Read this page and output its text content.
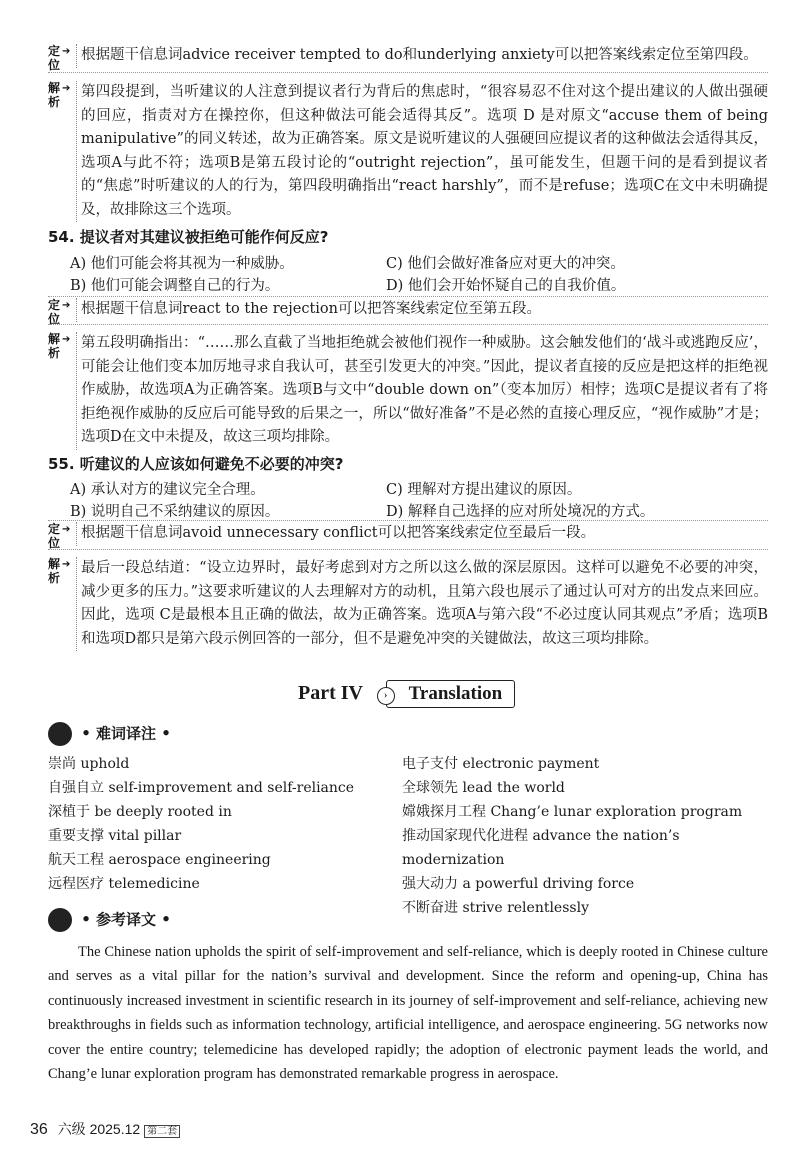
定位
➔ 根据题干信息词advice receiver tempted to do和underlying anxiety可以把答案线索定位至第四段。
解析
➔ 第四段提到，当听建议的人注意到提议者行为背后的焦虑时，“很容易忍不住对这个提出建议的人做出强硬的回应，指责对方在操控你，但这种做法可能会适得其反”。选项 D 是对原文“accuse them of being manipulative”的同义转述，故为正确答案。原文是说听建议的人强硬回应提议者的这种做法会适得其反，选项A与此不符；选项B是第五段讨论的“outright rejection”，虽可能发生，但题干问的是看到提议者的“焦虑”时听建议的人的行为，第四段明确指出“react harshly”，而不是refuse；选项C在文中未明确提及，故排除这三个选项。
54. 提议者对其建议被拒绝可能作何反应?
A) 他们可能会将其视为一种威胁。
B) 他们可能会调整自己的行为。
C) 他们会做好准备应对更大的冲突。
D) 他们会开始怀疑自己的自我价值。
定位
➔ 根据题干信息词react to the rejection可以把答案线索定位至第五段。
解析
➔ 第五段明确指出：“……那么直截了当地拒绝就会被他们视作一种威胁。这会触发他们的‘战斗或逃跑反应’，可能会让他们变本加厉地寻求自我认可，甚至引发更大的冲突。”因此，提议者直接的反应是把这样的拒绝视作威胁，故选项A为正确答案。选项B与文中“double down on”（变本加厉）相悖；选项C是提议者有了将拒绝视作威胁的反应后可能导致的后果之一，所以“做好准备”不是必然的直接心理反应，“视作威胁”才是；选项D在文中未提及，故这三项均排除。
55. 听建议的人应该如何避免不必要的冲突?
A) 承认对方的建议完全合理。
B) 说明自己不采纳建议的原因。
C) 理解对方提出建议的原因。
D) 解释自己选择的应对所处境况的方式。
定位
➔ 根据题干信息词avoid unnecessary conflict可以把答案线索定位至最后一段。
解析
➔ 最后一段总结道：“设立边界时，最好考虑到对方之所以这么做的深层原因。这样可以避免不必要的冲突，减少更多的压力。”这要求听建议的人去理解对方的动机，且第六段也展示了通过认可对方的出发点来回应。因此，选项 C是最根本且正确的做法，故为正确答案。选项A与第六段“不必过度认同其观点”矛盾；选项B和选项D都只是第六段示例回答的一部分，但不是避免冲突的关键做法，故这三项均排除。
Part IV	›	Translation
• 难词译注 •
崇尚 uphold
自强自立 self-improvement and self-reliance
深植于 be deeply rooted in
重要支撑 vital pillar
航天工程 aerospace engineering
远程医疗 telemedicine
电子支付 electronic payment
全球领先 lead the world
嫦娥探月工程 Chang’e lunar exploration program
推动国家现代化进程 advance the nation’s modernization
强大动力 a powerful driving force
不断奋进 strive relentlessly
• 参考译文 •
The Chinese nation upholds the spirit of self-improvement and self-reliance, which is deeply rooted in Chinese culture and serves as a vital pillar for the nation’s survival and development. Since the reform and opening-up, China has continuously increased investment in scientific research in its journey of self-improvement and self-reliance, achieving new breakthroughs in fields such as information technology, artificial intelligence, and aerospace engineering. 5G networks now cover the entire country; telemedicine has developed rapidly; the adoption of electronic payment leads the world, and Chang’e lunar exploration program has demonstrated remarkable progress in aerospace.
36 六级 2025.12 第二套
